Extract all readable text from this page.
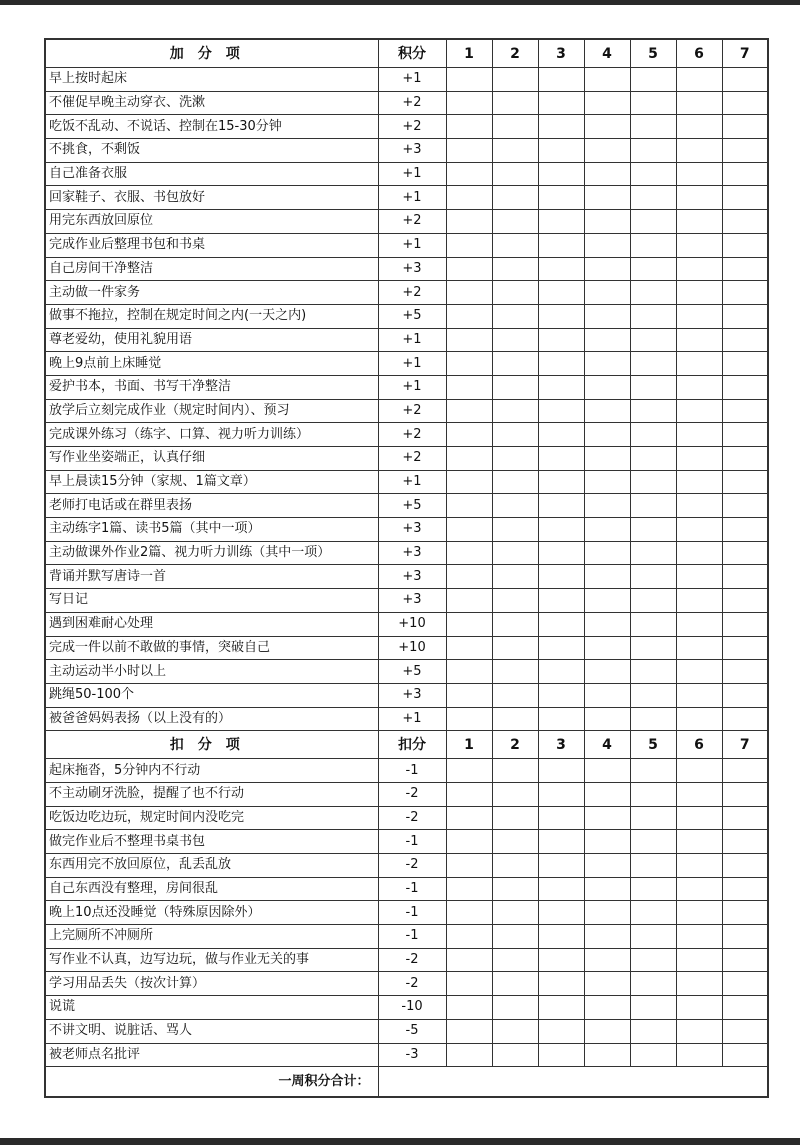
加分项	积分	1	2	3	4	5	6	7
早上按时起床	+1							
不催促早晚主动穿衣、洗漱	+2							
吃饭不乱动、不说话、控制在15-30分钟	+2							
不挑食，不剩饭	+3							
自己准备衣服	+1							
回家鞋子、衣服、书包放好	+1							
用完东西放回原位	+2							
完成作业后整理书包和书桌	+1							
自己房间干净整洁	+3							
主动做一件家务	+2							
做事不拖拉，控制在规定时间之内(一天之内)	+5							
尊老爱幼，使用礼貌用语	+1							
晚上9点前上床睡觉	+1							
爱护书本，书面、书写干净整洁	+1							
放学后立刻完成作业（规定时间内）、预习	+2							
完成课外练习（练字、口算、视力听力训练）	+2							
写作业坐姿端正，认真仔细	+2							
早上晨读15分钟（家规、1篇文章）	+1							
老师打电话或在群里表扬	+5							
主动练字1篇、读书5篇（其中一项）	+3							
主动做课外作业2篇、视力听力训练（其中一项）	+3							
背诵并默写唐诗一首	+3							
写日记	+3							
遇到困难耐心处理	+10							
完成一件以前不敢做的事情，突破自己	+10							
主动运动半小时以上	+5							
跳绳50-100个	+3							
被爸爸妈妈表扬（以上没有的）	+1							
扣分项	扣分	1	2	3	4	5	6	7
起床拖沓，5分钟内不行动	-1							
不主动刷牙洗脸，提醒了也不行动	-2							
吃饭边吃边玩，规定时间内没吃完	-2							
做完作业后不整理书桌书包	-1							
东西用完不放回原位，乱丢乱放	-2							
自己东西没有整理，房间很乱	-1							
晚上10点还没睡觉（特殊原因除外）	-1							
上完厕所不冲厕所	-1							
写作业不认真，边写边玩，做与作业无关的事	-2							
学习用品丢失（按次计算）	-2							
说谎	-10							
不讲文明、说脏话、骂人	-5							
被老师点名批评	-3							
一周积分合计：								
